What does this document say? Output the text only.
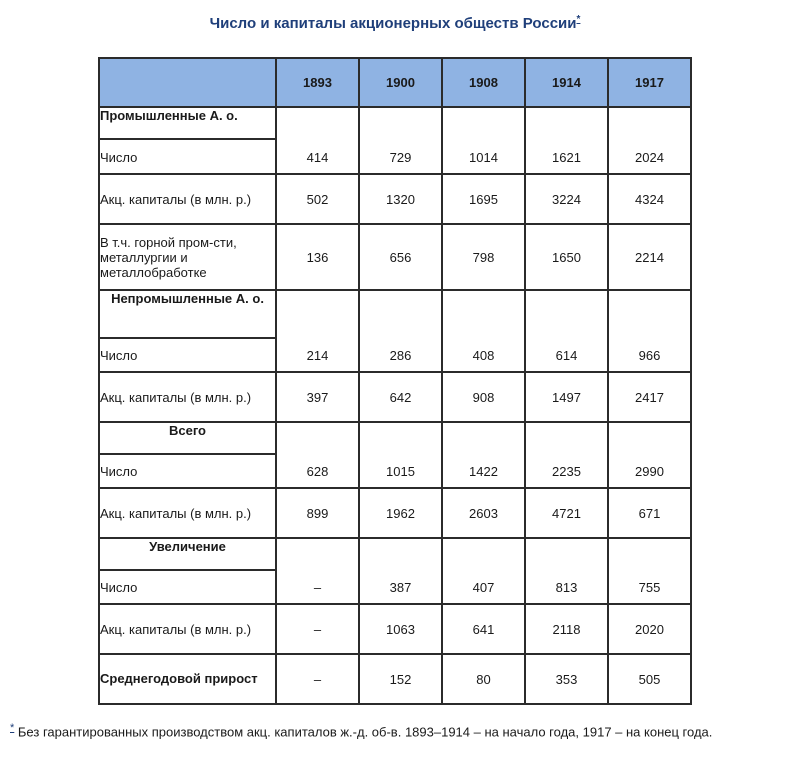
Число и капиталы акционерных обществ России*
	1893	1900	1908	1914	1917
Промышленные А. о.					
Число	414	729	1014	1621	2024
Акц. капиталы (в млн. р.)	502	1320	1695	3224	4324
В т.ч. горной пром-сти, металлургии и металлобработке	136	656	798	1650	2214
Непромышленные А. о.					
Число	214	286	408	614	966
Акц. капиталы (в млн. р.)	397	642	908	1497	2417
Всего					
Число	628	1015	1422	2235	2990
Акц. капиталы (в млн. р.)	899	1962	2603	4721	671
Увеличение					
Число	–	387	407	813	755
Акц. капиталы (в млн. р.)	–	1063	641	2118	2020
Среднегодовой прирост	–	152	80	353	505
* Без гарантированных производством акц. капиталов ж.-д. об-в. 1893–1914 – на начало года, 1917 – на конец года.
